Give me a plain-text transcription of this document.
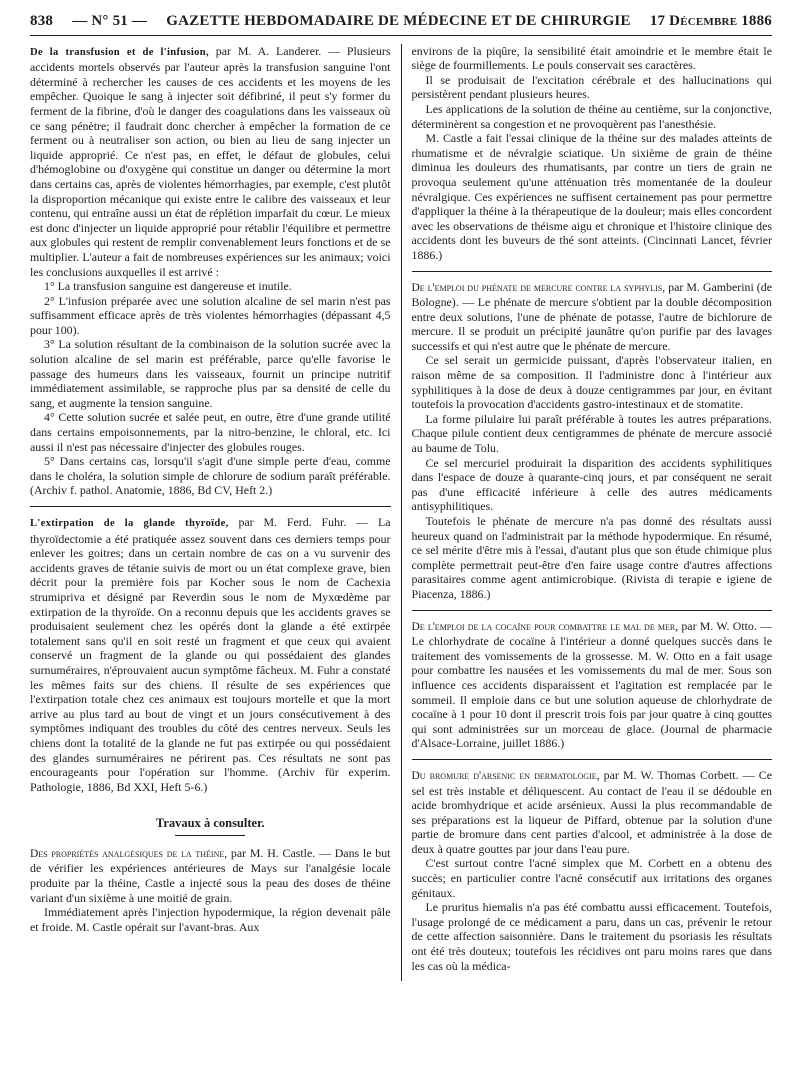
838 — N° 51 — GAZETTE HEBDOMADAIRE DE MÉDECINE ET DE CHIRURGIE 17 Décembre 1886

De la transfusion et de l'infusion, par M. A. Landerer. — Plusieurs accidents mortels observés par l'auteur après la transfusion sanguine l'ont déterminé à rechercher les causes de ces accidents et les moyens de les empêcher. Quoique le sang à injecter soit défibriné, il peut s'y former du ferment de la fibrine, d'où le danger des coagulations dans les vaisseaux où ce sang pénètre; il faudrait donc chercher à empêcher la formation de ce ferment ou à neutraliser son action, ou bien au lieu de sang injecter un liquide approprié. Ce n'est pas, en effet, le défaut de globules, celui d'hémoglobine ou d'oxygène qui constitue un danger ou détermine la mort dans certains cas, après de violentes hémorrhagies, par exemple, c'est plutôt la disproportion mécanique qui existe entre le calibre des vaisseaux et leur contenu, qui entraîne aussi un état de réplétion imparfait du cœur. Le mieux est donc d'injecter un liquide approprié pour rétablir l'équilibre et permettre aux globules qui restent de remplir convenablement leurs fonctions et de se multiplier. L'auteur a fait de nombreuses expériences sur les animaux; voici les conclusions auxquelles il est arrivé :

1° La transfusion sanguine est dangereuse et inutile.

2° L'infusion préparée avec une solution alcaline de sel marin n'est pas suffisamment efficace après de très violentes hémorrhagies (dépassant 4,5 pour 100).

3° La solution résultant de la combinaison de la solution sucrée avec la solution alcaline de sel marin est préférable, parce qu'elle favorise le passage des humeurs dans les vaisseaux, fournit un principe nutritif immédiatement assimilable, se rapproche plus par sa densité de celle du sang, et augmente la tension sanguine.

4° Cette solution sucrée et salée peut, en outre, être d'une grande utilité dans certains empoisonnements, par la nitro-benzine, le chloral, etc. Ici aussi il n'est pas nécessaire d'injecter des globules rouges.

5° Dans certains cas, lorsqu'il s'agit d'une simple perte d'eau, comme dans le choléra, la solution simple de chlorure de sodium paraît préférable. (Archiv f. pathol. Anatomie, 1886, Bd CV, Heft 2.)

L'extirpation de la glande thyroïde, par M. Ferd. Fuhr. — La thyroïdectomie a été pratiquée assez souvent dans ces derniers temps pour enlever les goitres; dans un certain nombre de cas on a vu survenir des accidents graves de tétanie suivis de mort ou un état complexe grave, bien décrit pour la première fois par Kocher sous le nom de Cachexia strumipriva et désigné par Reverdin sous le nom de Myxœdème par extirpation de la thyroïde. On a reconnu depuis que les accidents graves se produisaient seulement chez les opérés dont la glande a été extirpée totalement sans qu'il en soit resté un fragment et que ceux qui avaient conservé un fragment de la glande ou qui possédaient des glandes surnuméraires, n'éprouvaient aucun symptôme fâcheux. M. Fuhr a constaté les mêmes faits sur des chiens. Il résulte de ses expériences que l'extirpation totale chez ces animaux est toujours mortelle et que la mort arrive au plus tard au bout de vingt et un jours consécutivement à des symptômes indiquant des troubles du côté des centres nerveux. Seuls les chiens dont la totalité de la glande ne fut pas extirpée ou qui possédaient des glandes surnuméraires ne périrent pas. Ces résultats ne sont pas encourageants pour l'opération sur l'homme. (Archiv für experim. Pathologie, 1886, Bd XXI, Heft 5-6.)

Travaux à consulter.

Des propriétés analgésiques de la théine, par M. H. Castle. — Dans le but de vérifier les expériences antérieures de Mays sur l'analgésie locale produite par la théine, Castle a injecté sous la peau des doses de théine variant d'un sixième à une moitié de grain.

Immédiatement après l'injection hypodermique, la région devenait pâle et froide. M. Castle opérait sur l'avant-bras. Aux

environs de la piqûre, la sensibilité était amoindrie et le membre était le siège de fourmillements. Le pouls conservait ses caractères.

Il se produisait de l'excitation cérébrale et des hallucinations qui persistèrent pendant plusieurs heures.

Les applications de la solution de théine au centième, sur la conjonctive, déterminèrent sa congestion et ne provoquèrent pas l'anesthésie.

M. Castle a fait l'essai clinique de la théine sur des malades atteints de rhumatisme et de névralgie sciatique. Un sixième de grain de théine diminua les douleurs des rhumatisants, par contre un tiers de grain ne provoqua seulement qu'une atténuation très momentanée de la douleur névralgique. Ces expériences ne suffisent certainement pas pour permettre d'appliquer la théine à la thérapeutique de la douleur; mais elles concordent avec les observations de théisme aigu et chronique et l'histoire clinique des accidents dont les buveurs de thé sont atteints. (Cincinnati Lancet, février 1886.)

De l'emploi du phénate de mercure contre la syphylis, par M. Gamberini (de Bologne). — Le phénate de mercure s'obtient par la double décomposition entre deux solutions, l'une de phénate de potasse, l'autre de bichlorure de mercure. Il se produit un précipité jaunâtre qu'on purifie par des lavages successifs et qui n'est autre que le phénate de mercure.

Ce sel serait un germicide puissant, d'après l'observateur italien, en raison même de sa composition. Il l'administre donc à l'intérieur aux syphilitiques à la dose de deux à douze centigrammes par jour, en évitant toutefois la provocation d'accidents gastro-intestinaux et de stomatite.

La forme pilulaire lui paraît préférable à toutes les autres préparations. Chaque pilule contient deux centigrammes de phénate de mercure associé au baume de Tolu.

Ce sel mercuriel produirait la disparition des accidents syphilitiques dans l'espace de douze à quarante-cinq jours, et par conséquent ne serait pas d'une efficacité inférieure à celle des autres médicaments antisyphilitiques.

Toutefois le phénate de mercure n'a pas donné des résultats aussi heureux quand on l'administrait par la méthode hypodermique. En résumé, ce sel mérite d'être mis à l'essai, d'autant plus que son étude chimique plus complète permettrait peut-être d'en faire usage contre d'autres affections parasitaires comme agent antimicrobique. (Rivista di terapie e igiene de Piacenza, 1886.)

De l'emploi de la cocaïne pour combattre le mal de mer, par M. W. Otto. — Le chlorhydrate de cocaïne à l'intérieur a donné quelques succès dans le traitement des vomissements de la grossesse. M. W. Otto en a fait usage pour combattre les nausées et les vomissements du mal de mer. Sous son influence ces accidents disparaissent et l'agitation est remplacée par le sommeil. Il emploie dans ce but une solution aqueuse de chlorhydrate de cocaïne à 1 pour 10 dont il prescrit trois fois par jour quatre à cinq gouttes qui sont administrées sur un morceau de glace. (Journal de pharmacie d'Alsace-Lorraine, juillet 1886.)

Du bromure d'arsenic en dermatologie, par M. W. Thomas Corbett. — Ce sel est très instable et déliquescent. Au contact de l'eau il se dédouble en acide bromhydrique et acide arsénieux. Aussi la plus recommandable de ses préparations est la liqueur de Piffard, obtenue par la solution d'une partie de bromure dans cent parties d'alcool, et administrée à la dose de deux à quatre gouttes par jour dans l'eau pure.

C'est surtout contre l'acné simplex que M. Corbett en a obtenu des succès; en particulier contre l'acné consécutif aux irritations des organes génitaux.

Le pruritus hiemalis n'a pas été combattu aussi efficacement. Toutefois, l'usage prolongé de ce médicament a paru, dans un cas, prévenir le retour de cette affection saisonnière. Dans le traitement du psoriasis les résultats ont été très douteux; toutefois les récidives ont paru moins rares que dans les cas où la médica-
